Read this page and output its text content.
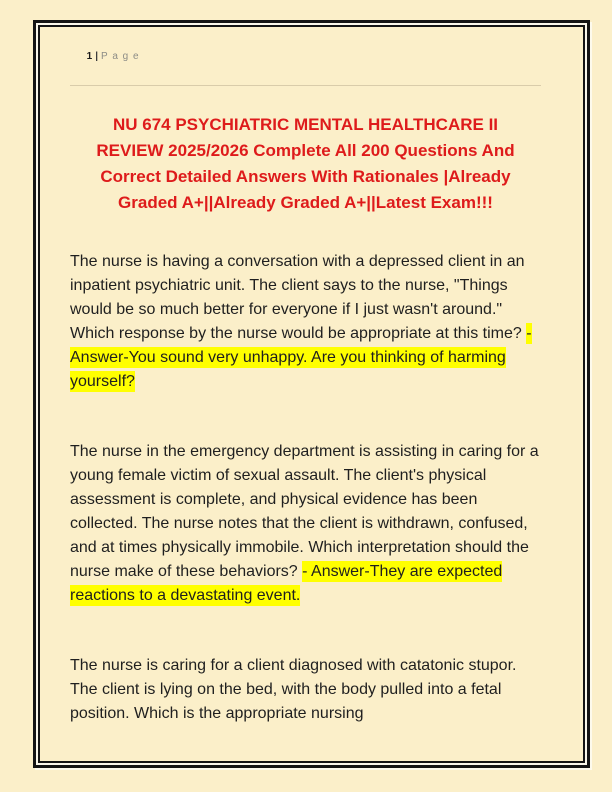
1 | P a g e

NU 674 PSYCHIATRIC MENTAL HEALTHCARE II
REVIEW 2025/2026 Complete All 200 Questions And
Correct Detailed Answers With Rationales |Already
Graded A+||Already Graded A+||Latest Exam!!!

The nurse is having a conversation with a depressed client in an inpatient psychiatric unit. The client says to the nurse, "Things would be so much better for everyone if I just wasn't around." Which response by the nurse would be appropriate at this time? - Answer-You sound very unhappy. Are you thinking of harming yourself?

The nurse in the emergency department is assisting in caring for a young female victim of sexual assault. The client's physical assessment is complete, and physical evidence has been collected. The nurse notes that the client is withdrawn, confused, and at times physically immobile. Which interpretation should the nurse make of these behaviors? - Answer-They are expected reactions to a devastating event.

The nurse is caring for a client diagnosed with catatonic stupor. The client is lying on the bed, with the body pulled into a fetal position. Which is the appropriate nursing
